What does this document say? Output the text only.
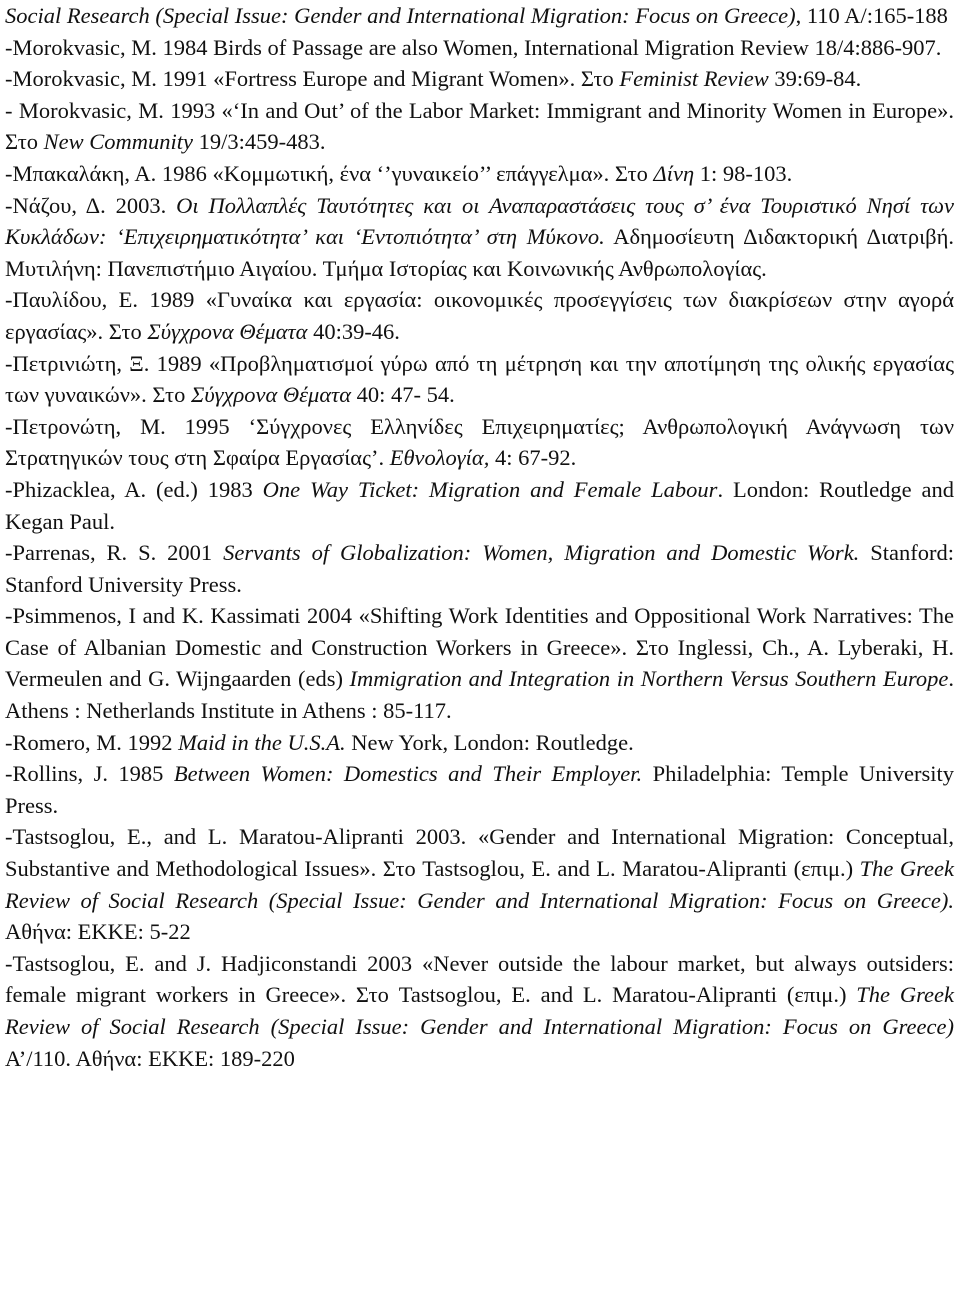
Social Research (Special Issue: Gender and International Migration: Focus on Greece), 110 A/:165-188

-Morokvasic, M. 1984 Birds of Passage are also Women, International Migration Review 18/4:886-907.

-Morokvasic, M. 1991 «Fortress Europe and Migrant Women». Στο Feminist Review 39:69-84.

- Morokvasic, M. 1993 «‘In and Out’ of the Labor Market: Immigrant and Minority Women in Europe». Στο New Community 19/3:459-483.

-Μπακαλάκη, Α. 1986 «Κομμωτική, ένα ‘’γυναικείο’’ επάγγελμα». Στο Δίνη 1: 98-103.

-Νάζου, Δ. 2003. Οι Πολλαπλές Ταυτότητες και οι Αναπαραστάσεις τους σ’ ένα Τουριστικό Νησί των Κυκλάδων: ‘Επιχειρηματικότητα’ και ‘Εντοπιότητα’ στη Μύκονο. Αδημοσίευτη Διδακτορική Διατριβή. Μυτιλήνη: Πανεπιστήμιο Αιγαίου. Τμήμα Ιστορίας και Κοινωνικής Ανθρωπολογίας.

-Παυλίδου, Ε. 1989 «Γυναίκα και εργασία: οικονομικές προσεγγίσεις των διακρίσεων στην αγορά εργασίας». Στο Σύγχρονα Θέματα 40:39-46.

-Πετρινιώτη, Ξ. 1989 «Προβληματισμοί γύρω από τη μέτρηση και την αποτίμηση της ολικής εργασίας των γυναικών». Στο Σύγχρονα Θέματα 40: 47- 54.

-Πετρονώτη, Μ. 1995 ‘Σύγχρονες Ελληνίδες Επιχειρηματίες; Ανθρωπολογική Ανάγνωση των Στρατηγικών τους στη Σφαίρα Εργασίας’. Εθνολογία, 4: 67-92.

-Phizacklea, A. (ed.) 1983 One Way Ticket: Migration and Female Labour. London: Routledge and Kegan Paul.

-Parrenas, R. S. 2001 Servants of Globalization: Women, Migration and Domestic Work. Stanford: Stanford University Press.

-Psimmenos, I and K. Kassimati 2004 «Shifting Work Identities and Oppositional Work Narratives: The Case of Albanian Domestic and Construction Workers in Greece». Στο Inglessi, Ch., A. Lyberaki, H. Vermeulen and G. Wijngaarden (eds) Immigration and Integration in Northern Versus Southern Europe. Athens : Netherlands Institute in Athens : 85-117.

-Romero, M. 1992 Maid in the U.S.A. New York, London: Routledge.

-Rollins, J. 1985 Between Women: Domestics and Their Employer. Philadelphia: Temple University Press.

-Tastsoglou, E., and L. Maratou-Alipranti 2003. «Gender and International Migration: Conceptual, Substantive and Methodological Issues». Στο Tastsoglou, E. and L. Maratou-Alipranti (επιμ.) The Greek Review of Social Research (Special Issue: Gender and International Migration: Focus on Greece). Αθήνα: ΕΚΚΕ: 5-22

-Tastsoglou, E. and J. Hadjiconstandi 2003 «Never outside the labour market, but always outsiders: female migrant workers in Greece». Στο Tastsoglou, E. and L. Maratou-Alipranti (επιμ.) The Greek Review of Social Research (Special Issue: Gender and International Migration: Focus on Greece) Α’/110. Αθήνα: ΕΚΚΕ: 189-220
